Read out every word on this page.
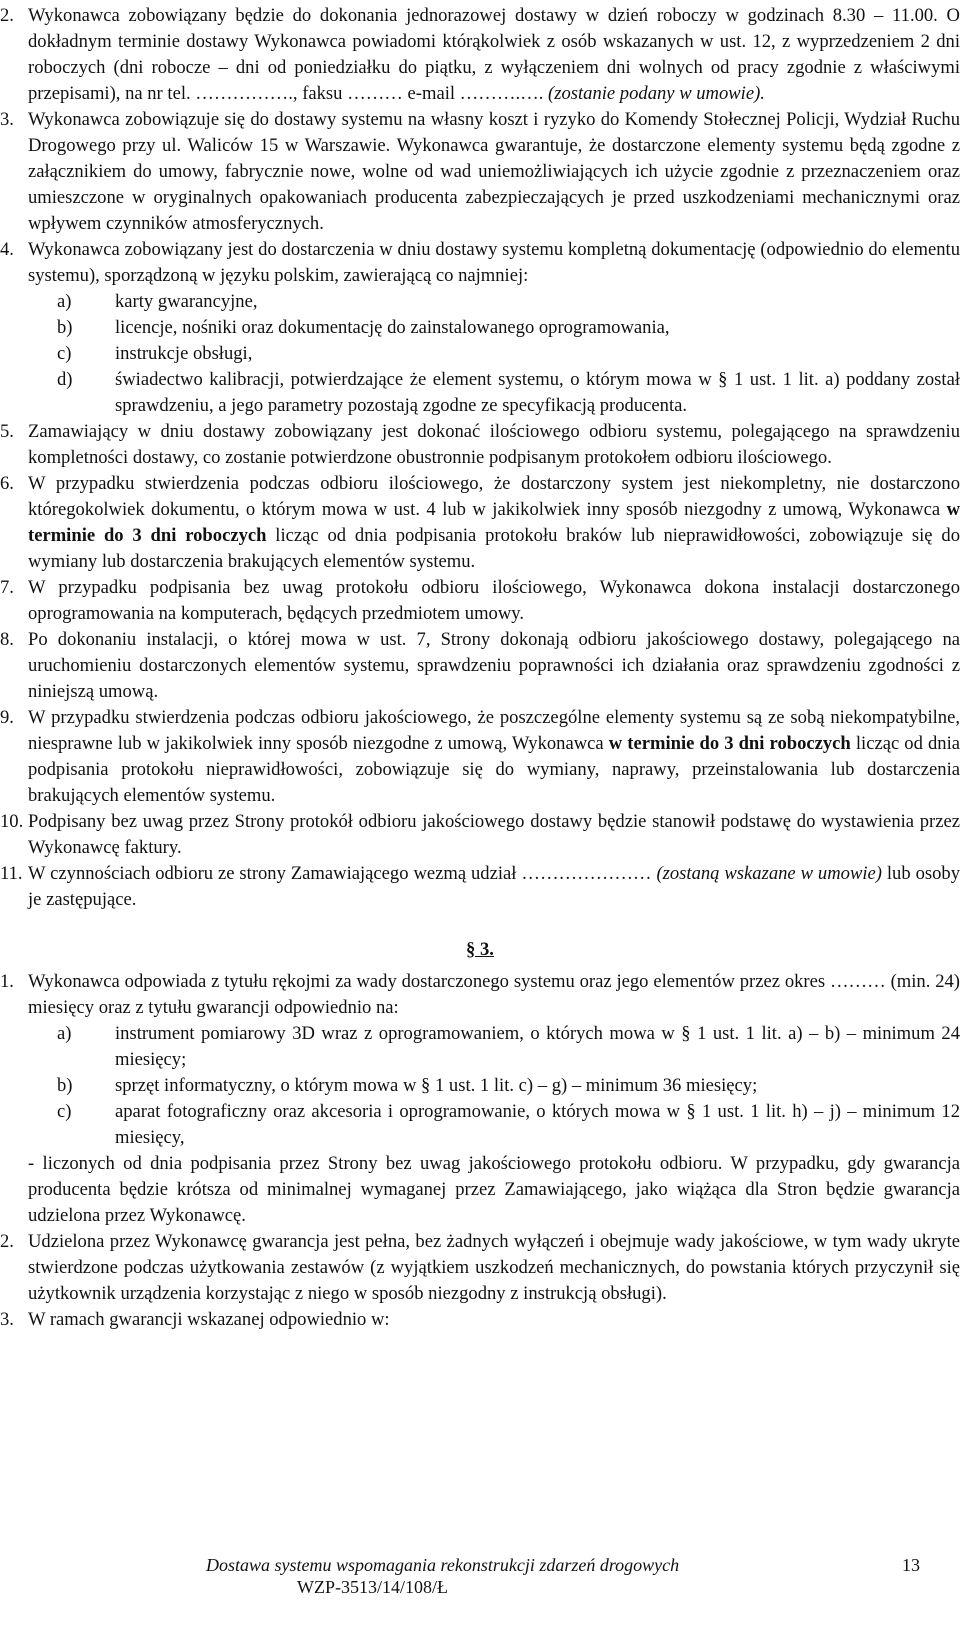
2. Wykonawca zobowiązany będzie do dokonania jednorazowej dostawy w dzień roboczy w godzinach 8.30 – 11.00. O dokładnym terminie dostawy Wykonawca powiadomi którąkolwiek z osób wskazanych w ust. 12, z wyprzedzeniem 2 dni roboczych (dni robocze – dni od poniedziałku do piątku, z wyłączeniem dni wolnych od pracy zgodnie z właściwymi przepisami), na nr tel. ……………., faksu ……… e-mail ……….…. (zostanie podany w umowie).
3. Wykonawca zobowiązuje się do dostawy systemu na własny koszt i ryzyko do Komendy Stołecznej Policji, Wydział Ruchu Drogowego przy ul. Waliców 15 w Warszawie. Wykonawca gwarantuje, że dostarczone elementy systemu będą zgodne z załącznikiem do umowy, fabrycznie nowe, wolne od wad uniemożliwiających ich użycie zgodnie z przeznaczeniem oraz umieszczone w oryginalnych opakowaniach producenta zabezpieczających je przed uszkodzeniami mechanicznymi oraz wpływem czynników atmosferycznych.
4. Wykonawca zobowiązany jest do dostarczenia w dniu dostawy systemu kompletną dokumentację (odpowiednio do elementu systemu), sporządzoną w języku polskim, zawierającą co najmniej:
a) karty gwarancyjne,
b) licencje, nośniki oraz dokumentację do zainstalowanego oprogramowania,
c) instrukcje obsługi,
d) świadectwo kalibracji, potwierdzające że element systemu, o którym mowa w § 1 ust. 1 lit. a) poddany został sprawdzeniu, a jego parametry pozostają zgodne ze specyfikacją producenta.
5. Zamawiający w dniu dostawy zobowiązany jest dokonać ilościowego odbioru systemu, polegającego na sprawdzeniu kompletności dostawy, co zostanie potwierdzone obustronnie podpisanym protokołem odbioru ilościowego.
6. W przypadku stwierdzenia podczas odbioru ilościowego, że dostarczony system jest niekompletny, nie dostarczono któregokolwiek dokumentu, o którym mowa w ust. 4 lub w jakikolwiek inny sposób niezgodny z umową, Wykonawca w terminie do 3 dni roboczych licząc od dnia podpisania protokołu braków lub nieprawidłowości, zobowiązuje się do wymiany lub dostarczenia brakujących elementów systemu.
7. W przypadku podpisania bez uwag protokołu odbioru ilościowego, Wykonawca dokona instalacji dostarczonego oprogramowania na komputerach, będących przedmiotem umowy.
8. Po dokonaniu instalacji, o której mowa w ust. 7, Strony dokonają odbioru jakościowego dostawy, polegającego na uruchomieniu dostarczonych elementów systemu, sprawdzeniu poprawności ich działania oraz sprawdzeniu zgodności z niniejszą umową.
9. W przypadku stwierdzenia podczas odbioru jakościowego, że poszczególne elementy systemu są ze sobą niekompatybilne, niesprawne lub w jakikolwiek inny sposób niezgodne z umową, Wykonawca w terminie do 3 dni roboczych licząc od dnia podpisania protokołu nieprawidłowości, zobowiązuje się do wymiany, naprawy, przeinstalowania lub dostarczenia brakujących elementów systemu.
10. Podpisany bez uwag przez Strony protokół odbioru jakościowego dostawy będzie stanowił podstawę do wystawienia przez Wykonawcę faktury.
11. W czynnościach odbioru ze strony Zamawiającego wezmą udział ………………… (zostaną wskazane w umowie) lub osoby je zastępujące.
§ 3.
1. Wykonawca odpowiada z tytułu rękojmi za wady dostarczonego systemu oraz jego elementów przez okres ……… (min. 24) miesięcy oraz z tytułu gwarancji odpowiednio na:
a) instrument pomiarowy 3D wraz z oprogramowaniem, o których mowa w § 1 ust. 1 lit. a) – b) – minimum 24 miesięcy;
b) sprzęt informatyczny, o którym mowa w § 1 ust. 1 lit. c) – g) – minimum 36 miesięcy;
c) aparat fotograficzny oraz akcesoria i oprogramowanie, o których mowa w § 1 ust. 1 lit. h) – j) – minimum 12 miesięcy,
- liczonych od dnia podpisania przez Strony bez uwag jakościowego protokołu odbioru. W przypadku, gdy gwarancja producenta będzie krótsza od minimalnej wymaganej przez Zamawiającego, jako wiążąca dla Stron będzie gwarancja udzielona przez Wykonawcę.
2. Udzielona przez Wykonawcę gwarancja jest pełna, bez żadnych wyłączeń i obejmuje wady jakościowe, w tym wady ukryte stwierdzone podczas użytkowania zestawów (z wyjątkiem uszkodzeń mechanicznych, do powstania których przyczynił się użytkownik urządzenia korzystając z niego w sposób niezgodny z instrukcją obsługi).
3. W ramach gwarancji wskazanej odpowiednio w:
Dostawa systemu wspomagania rekonstrukcji zdarzeń drogowych
WZP-3513/14/108/Ł
13
